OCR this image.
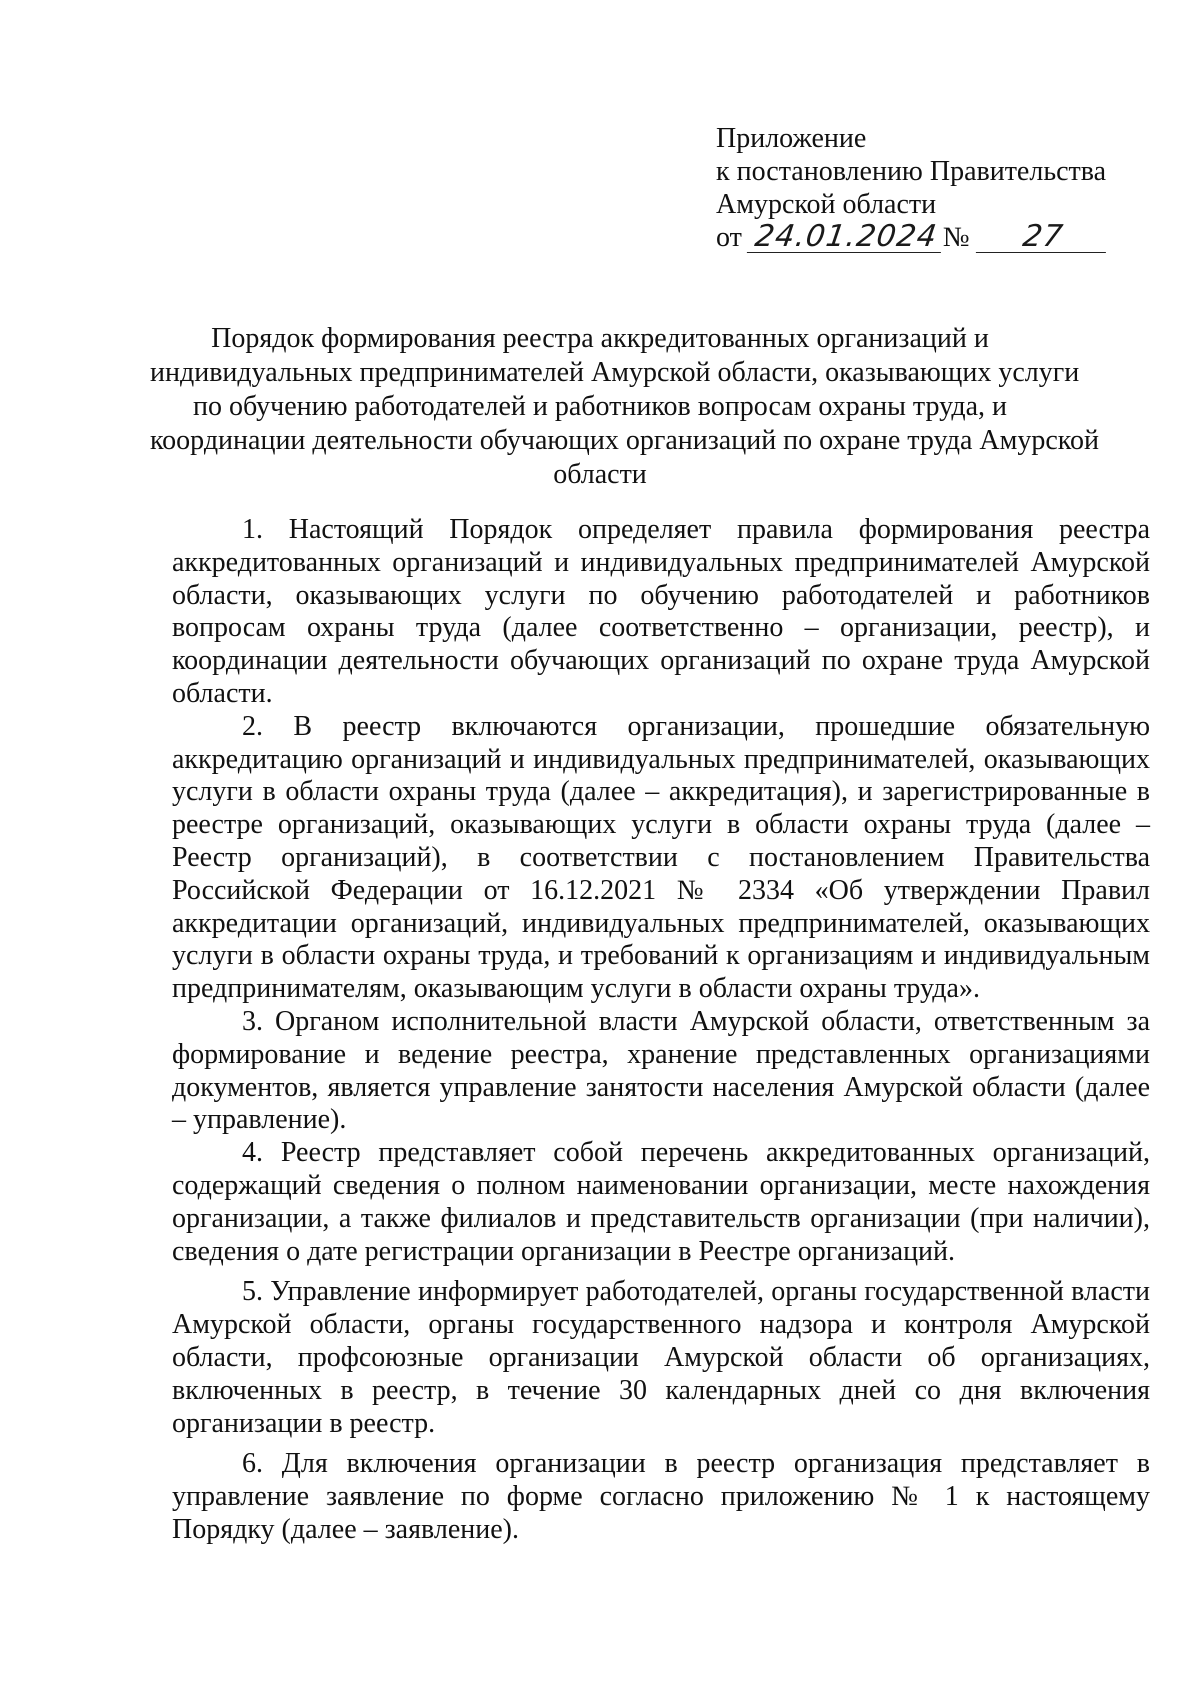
Приложение
к постановлению Правительства
Амурской области
от 24.01.2024 № 27
Порядок формирования реестра аккредитованных организаций и
индивидуальных предпринимателей Амурской области, оказывающих услуги
по обучению работодателей и работников вопросам охраны труда, и
координации деятельности обучающих организаций по охране труда Амурской
области

1. Настоящий Порядок определяет правила формирования реестра аккредитованных организаций и индивидуальных предпринимателей Амурской области, оказывающих услуги по обучению работодателей и работников вопросам охраны труда (далее соответственно – организации, реестр), и координации деятельности обучающих организаций по охране труда Амурской области.

2. В реестр включаются организации, прошедшие обязательную аккредитацию организаций и индивидуальных предпринимателей, оказывающих услуги в области охраны труда (далее – аккредитация), и зарегистрированные в реестре организаций, оказывающих услуги в области охраны труда (далее – Реестр организаций), в соответствии с постановлением Правительства Российской Федерации от 16.12.2021 № 2334 «Об утверждении Правил аккредитации организаций, индивидуальных предпринимателей, оказывающих услуги в области охраны труда, и требований к организациям и индивидуальным предпринимателям, оказывающим услуги в области охраны труда».

3. Органом исполнительной власти Амурской области, ответственным за формирование и ведение реестра, хранение представленных организациями документов, является управление занятости населения Амурской области (далее – управление).

4. Реестр представляет собой перечень аккредитованных организаций, содержащий сведения о полном наименовании организации, месте нахождения организации, а также филиалов и представительств организации (при наличии), сведения о дате регистрации организации в Реестре организаций.

5. Управление информирует работодателей, органы государственной власти Амурской области, органы государственного надзора и контроля Амурской области, профсоюзные организации Амурской области об организациях, включенных в реестр, в течение 30 календарных дней со дня включения организации в реестр.

6. Для включения организации в реестр организация представляет в управление заявление по форме согласно приложению № 1 к настоящему Порядку (далее – заявление).
